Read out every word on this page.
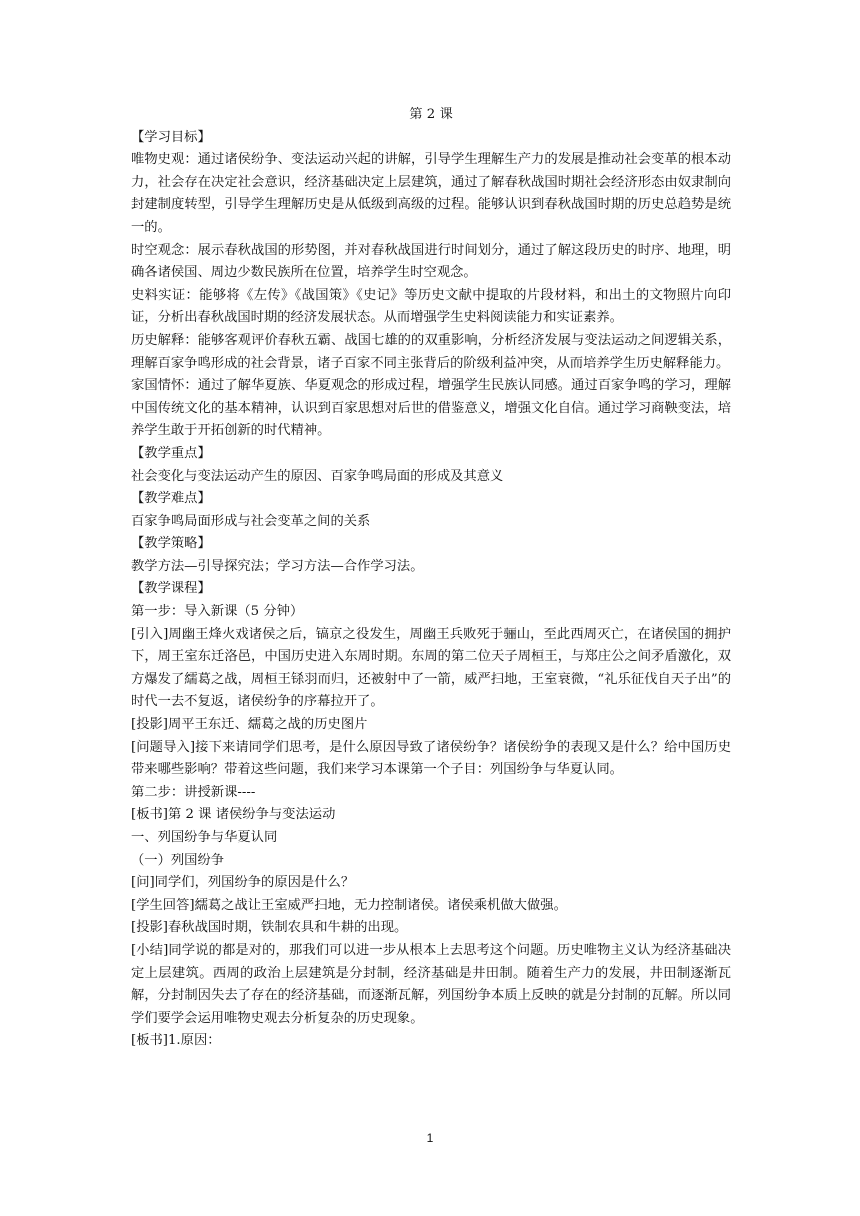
第 2 课
【学习目标】
唯物史观：通过诸侯纷争、变法运动兴起的讲解，引导学生理解生产力的发展是推动社会变革的根本动力，社会存在决定社会意识，经济基础决定上层建筑，通过了解春秋战国时期社会经济形态由奴隶制向封建制度转型，引导学生理解历史是从低级到高级的过程。能够认识到春秋战国时期的历史总趋势是统一的。
时空观念：展示春秋战国的形势图，并对春秋战国进行时间划分，通过了解这段历史的时序、地理，明确各诸侯国、周边少数民族所在位置，培养学生时空观念。
史料实证：能够将《左传》《战国策》《史记》等历史文献中提取的片段材料，和出土的文物照片向印证，分析出春秋战国时期的经济发展状态。从而增强学生史料阅读能力和实证素养。
历史解释：能够客观评价春秋五霸、战国七雄的的双重影响，分析经济发展与变法运动之间逻辑关系，理解百家争鸣形成的社会背景，诸子百家不同主张背后的阶级利益冲突，从而培养学生历史解释能力。
家国情怀：通过了解华夏族、华夏观念的形成过程，增强学生民族认同感。通过百家争鸣的学习，理解中国传统文化的基本精神，认识到百家思想对后世的借鉴意义，增强文化自信。通过学习商鞅变法，培养学生敢于开拓创新的时代精神。
【教学重点】
社会变化与变法运动产生的原因、百家争鸣局面的形成及其意义
【教学难点】
百家争鸣局面形成与社会变革之间的关系
【教学策略】
教学方法—引导探究法；学习方法—合作学习法。
【教学课程】
第一步：导入新课（5 分钟）
[引入]周幽王烽火戏诸侯之后，镐京之役发生，周幽王兵败死于骊山，至此西周灭亡，在诸侯国的拥护下，周王室东迁洛邑，中国历史进入东周时期。东周的第二位天子周桓王，与郑庄公之间矛盾激化，双方爆发了繻葛之战，周桓王铩羽而归，还被射中了一箭，威严扫地，王室衰微，“礼乐征伐自天子出”的时代一去不复返，诸侯纷争的序幕拉开了。
[投影]周平王东迁、繻葛之战的历史图片
[问题导入]接下来请同学们思考，是什么原因导致了诸侯纷争？诸侯纷争的表现又是什么？给中国历史带来哪些影响？带着这些问题，我们来学习本课第一个子目：列国纷争与华夏认同。
第二步：讲授新课----
[板书]第 2 课 诸侯纷争与变法运动
一、列国纷争与华夏认同
（一）列国纷争
[问]同学们，列国纷争的原因是什么？
[学生回答]繻葛之战让王室威严扫地，无力控制诸侯。诸侯乘机做大做强。
[投影]春秋战国时期，铁制农具和牛耕的出现。
[小结]同学说的都是对的，那我们可以进一步从根本上去思考这个问题。历史唯物主义认为经济基础决定上层建筑。西周的政治上层建筑是分封制，经济基础是井田制。随着生产力的发展，井田制逐渐瓦解，分封制因失去了存在的经济基础，而逐渐瓦解，列国纷争本质上反映的就是分封制的瓦解。所以同学们要学会运用唯物史观去分析复杂的历史现象。
[板书]1.原因：
1
